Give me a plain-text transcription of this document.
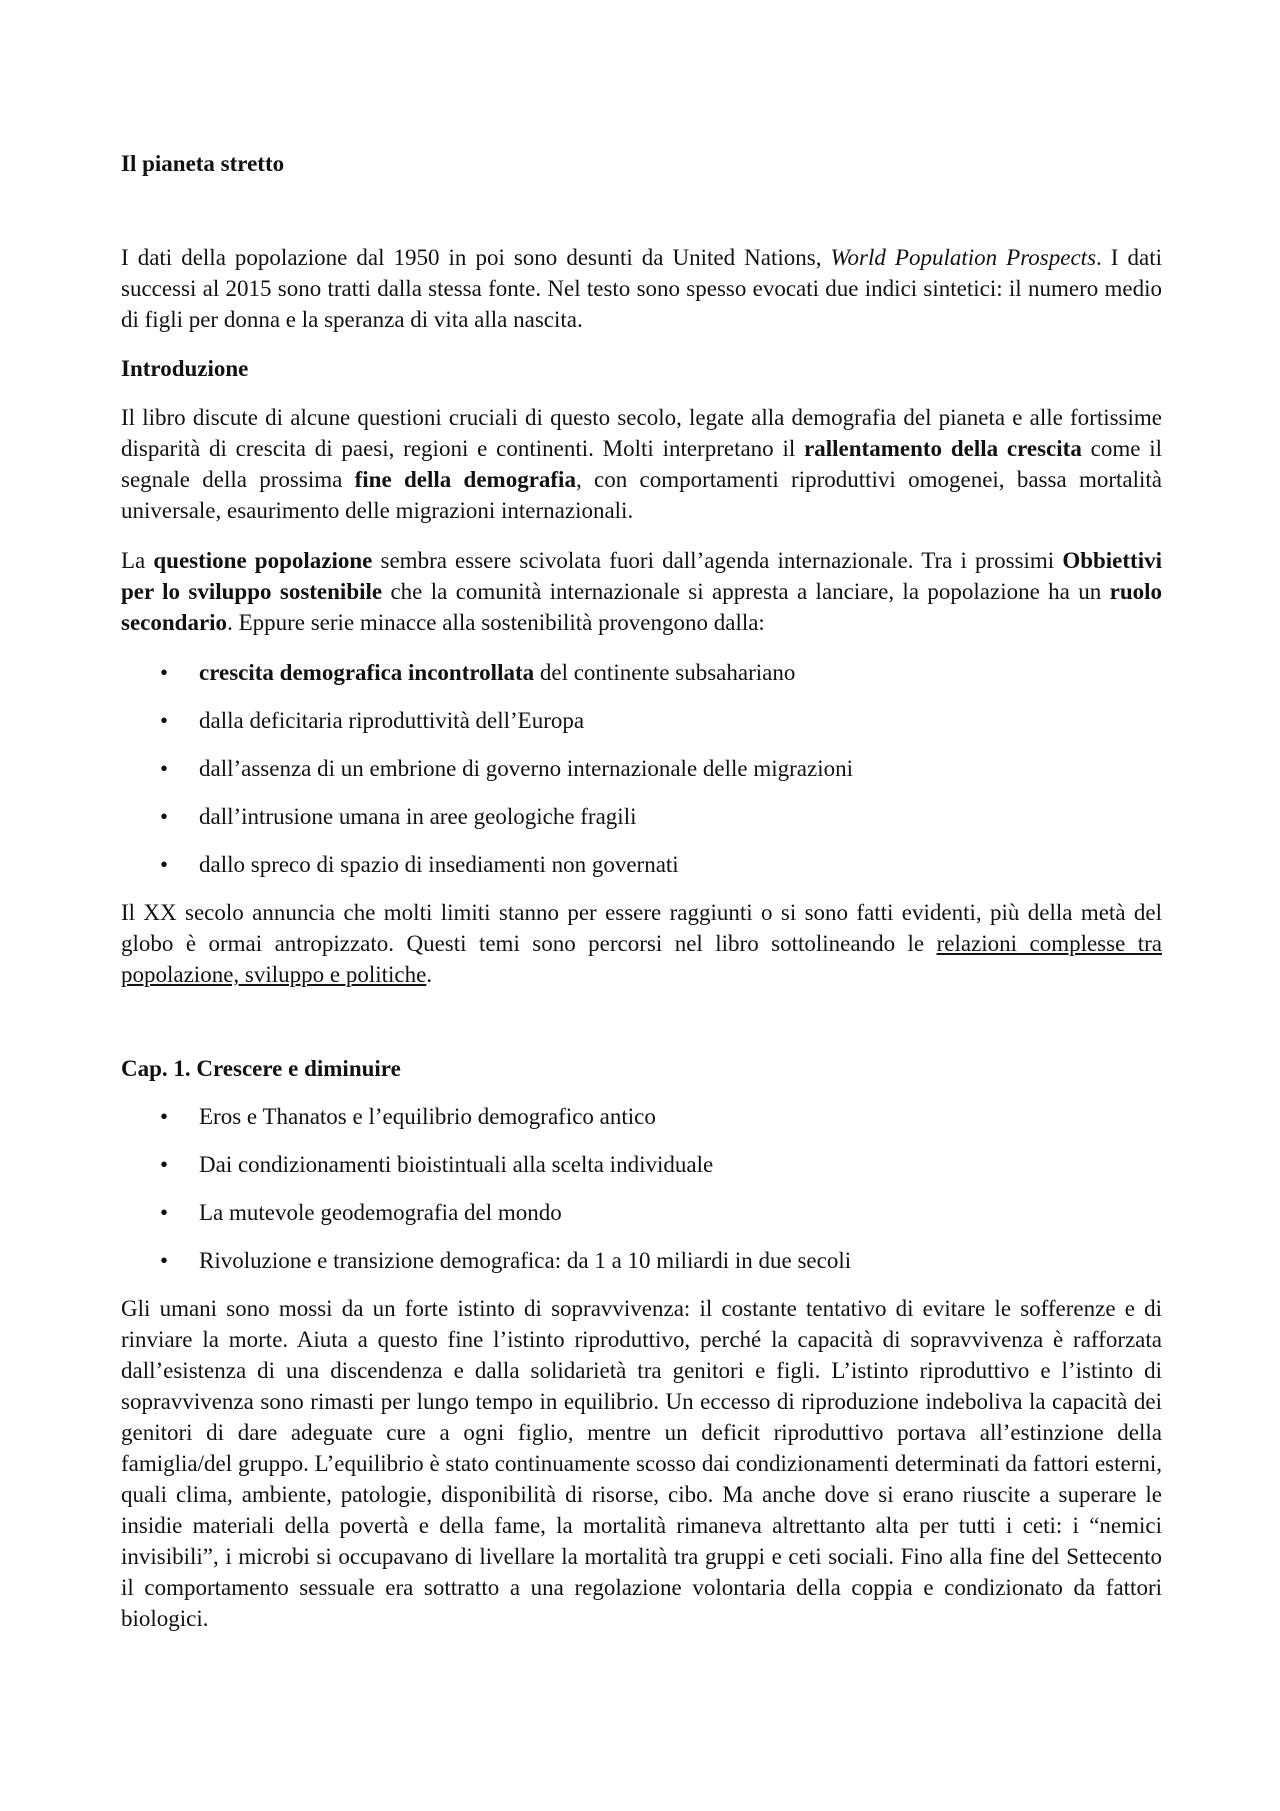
Il pianeta stretto

I dati della popolazione dal 1950 in poi sono desunti da United Nations, World Population Prospects. I dati successi al 2015 sono tratti dalla stessa fonte. Nel testo sono spesso evocati due indici sintetici: il numero medio di figli per donna e la speranza di vita alla nascita.

Introduzione

Il libro discute di alcune questioni cruciali di questo secolo, legate alla demografia del pianeta e alle fortissime disparità di crescita di paesi, regioni e continenti. Molti interpretano il rallentamento della crescita come il segnale della prossima fine della demografia, con comportamenti riproduttivi omogenei, bassa mortalità universale, esaurimento delle migrazioni internazionali.

La questione popolazione sembra essere scivolata fuori dall’agenda internazionale. Tra i prossimi Obbiettivi per lo sviluppo sostenibile che la comunità internazionale si appresta a lanciare, la popolazione ha un ruolo secondario. Eppure serie minacce alla sostenibilità provengono dalla:

• crescita demografica incontrollata del continente subsahariano
• dalla deficitaria riproduttività dell’Europa
• dall’assenza di un embrione di governo internazionale delle migrazioni
• dall’intrusione umana in aree geologiche fragili
• dallo spreco di spazio di insediamenti non governati

Il XX secolo annuncia che molti limiti stanno per essere raggiunti o si sono fatti evidenti, più della metà del globo è ormai antropizzato. Questi temi sono percorsi nel libro sottolineando le relazioni complesse tra popolazione, sviluppo e politiche.

Cap. 1. Crescere e diminuire
• Eros e Thanatos e l’equilibrio demografico antico
• Dai condizionamenti bioistintuali alla scelta individuale
• La mutevole geodemografia del mondo
• Rivoluzione e transizione demografica: da 1 a 10 miliardi in due secoli

Gli umani sono mossi da un forte istinto di sopravvivenza: il costante tentativo di evitare le sofferenze e di rinviare la morte. Aiuta a questo fine l’istinto riproduttivo, perché la capacità di sopravvivenza è rafforzata dall’esistenza di una discendenza e dalla solidarietà tra genitori e figli. L’istinto riproduttivo e l’istinto di sopravvivenza sono rimasti per lungo tempo in equilibrio. Un eccesso di riproduzione indeboliva la capacità dei genitori di dare adeguate cure a ogni figlio, mentre un deficit riproduttivo portava all’estinzione della famiglia/del gruppo. L’equilibrio è stato continuamente scosso dai condizionamenti determinati da fattori esterni, quali clima, ambiente, patologie, disponibilità di risorse, cibo. Ma anche dove si erano riuscite a superare le insidie materiali della povertà e della fame, la mortalità rimaneva altrettanto alta per tutti i ceti: i “nemici invisibili”, i microbi si occupavano di livellare la mortalità tra gruppi e ceti sociali. Fino alla fine del Settecento il comportamento sessuale era sottratto a una regolazione volontaria della coppia e condizionato da fattori biologici.
